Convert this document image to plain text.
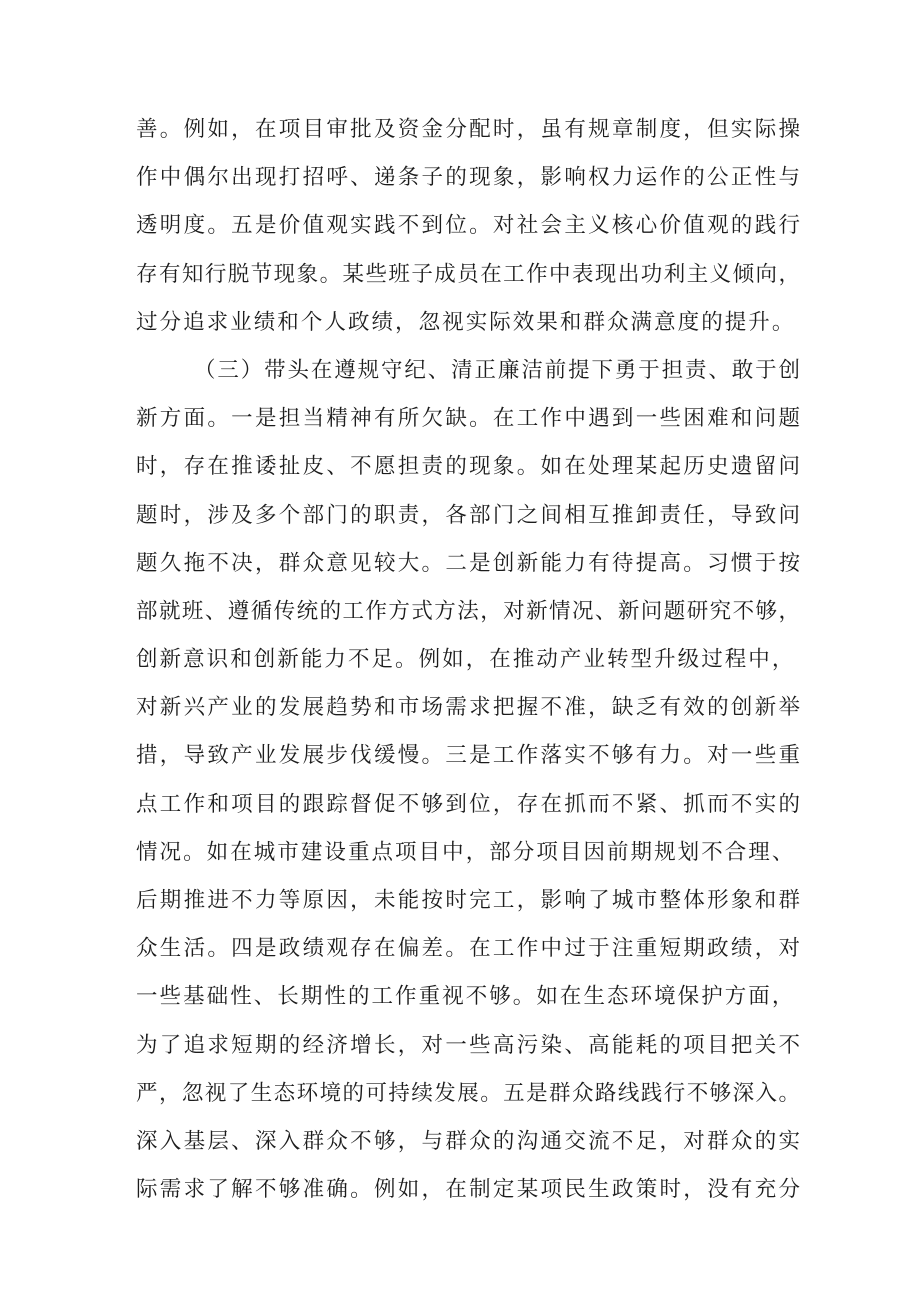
善。例如，在项目审批及资金分配时，虽有规章制度，但实际操
作中偶尔出现打招呼、递条子的现象，影响权力运作的公正性与
透明度。五是价值观实践不到位。对社会主义核心价值观的践行
存有知行脱节现象。某些班子成员在工作中表现出功利主义倾向，
过分追求业绩和个人政绩，忽视实际效果和群众满意度的提升。
（三）带头在遵规守纪、清正廉洁前提下勇于担责、敢于创
新方面。一是担当精神有所欠缺。在工作中遇到一些困难和问题
时，存在推诿扯皮、不愿担责的现象。如在处理某起历史遗留问
题时，涉及多个部门的职责，各部门之间相互推卸责任，导致问
题久拖不决，群众意见较大。二是创新能力有待提高。习惯于按
部就班、遵循传统的工作方式方法，对新情况、新问题研究不够，
创新意识和创新能力不足。例如，在推动产业转型升级过程中，
对新兴产业的发展趋势和市场需求把握不准，缺乏有效的创新举
措，导致产业发展步伐缓慢。三是工作落实不够有力。对一些重
点工作和项目的跟踪督促不够到位，存在抓而不紧、抓而不实的
情况。如在城市建设重点项目中，部分项目因前期规划不合理、
后期推进不力等原因，未能按时完工，影响了城市整体形象和群
众生活。四是政绩观存在偏差。在工作中过于注重短期政绩，对
一些基础性、长期性的工作重视不够。如在生态环境保护方面，
为了追求短期的经济增长，对一些高污染、高能耗的项目把关不
严，忽视了生态环境的可持续发展。五是群众路线践行不够深入。
深入基层、深入群众不够，与群众的沟通交流不足，对群众的实
际需求了解不够准确。例如，在制定某项民生政策时，没有充分
